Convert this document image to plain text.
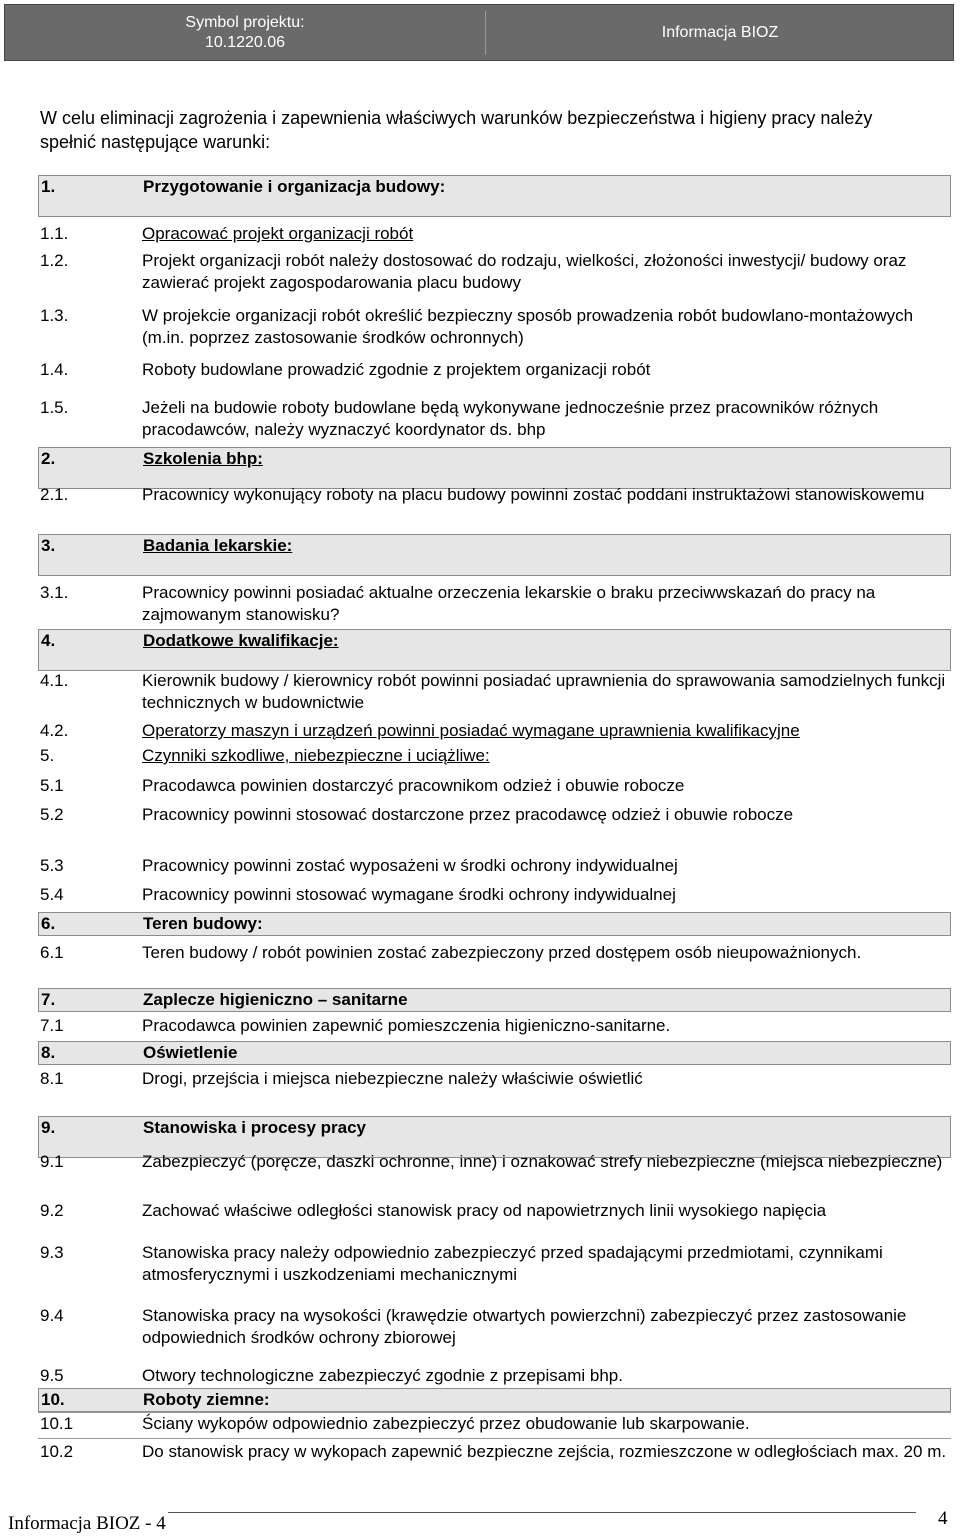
Symbol projektu:
10.1220.06
Informacja BIOZ
W celu eliminacji zagrożenia i zapewnienia właściwych warunków bezpieczeństwa i higieny pracy należy spełnić następujące warunki:
1.	Przygotowanie i organizacja budowy:
1.1.	Opracować projekt organizacji robót
1.2.	Projekt organizacji robót należy dostosować do rodzaju, wielkości, złożoności inwestycji/ budowy oraz zawierać projekt zagospodarowania placu budowy
1.3.	W projekcie organizacji robót określić bezpieczny sposób prowadzenia robót budowlano-montażowych (m.in. poprzez zastosowanie środków ochronnych)
1.4.	Roboty budowlane prowadzić zgodnie z projektem organizacji robót
1.5.	Jeżeli na budowie roboty budowlane będą wykonywane jednocześnie przez pracowników różnych pracodawców, należy wyznaczyć koordynator ds. bhp
2.	Szkolenia bhp:
2.1.	Pracownicy wykonujący roboty na placu budowy powinni zostać poddani instruktażowi stanowiskowemu
3.	Badania lekarskie:
3.1.	Pracownicy powinni posiadać aktualne orzeczenia lekarskie o braku przeciwwskazań do pracy na zajmowanym stanowisku?
4.	Dodatkowe kwalifikacje:
4.1.	Kierownik budowy / kierownicy robót powinni posiadać uprawnienia do sprawowania samodzielnych funkcji technicznych w budownictwie
4.2.	Operatorzy maszyn i urządzeń powinni posiadać wymagane uprawnienia kwalifikacyjne
5.	Czynniki szkodliwe, niebezpieczne i uciążliwe:
5.1	Pracodawca powinien dostarczyć pracownikom odzież i obuwie robocze
5.2	Pracownicy powinni stosować dostarczone przez pracodawcę odzież i obuwie robocze
5.3	Pracownicy powinni zostać wyposażeni w środki ochrony indywidualnej
5.4	Pracownicy powinni stosować wymagane środki ochrony indywidualnej
6.	Teren budowy:
6.1	Teren budowy / robót powinien zostać zabezpieczony przed dostępem osób nieupoważnionych.
7.	Zaplecze higieniczno – sanitarne
7.1	Pracodawca powinien zapewnić pomieszczenia higieniczno-sanitarne.
8.	Oświetlenie
8.1	Drogi, przejścia i miejsca niebezpieczne należy właściwie oświetlić
9.	Stanowiska i procesy pracy
9.1	Zabezpieczyć (poręcze, daszki ochronne, inne) i oznakować strefy niebezpieczne (miejsca niebezpieczne)
9.2	Zachować właściwe odległości stanowisk pracy od napowietrznych linii wysokiego napięcia
9.3	Stanowiska pracy należy odpowiednio zabezpieczyć przed spadającymi przedmiotami, czynnikami atmosferycznymi i uszkodzeniami mechanicznymi
9.4	Stanowiska pracy na wysokości (krawędzie otwartych powierzchni) zabezpieczyć przez zastosowanie odpowiednich środków ochrony zbiorowej
9.5	Otwory technologiczne zabezpieczyć zgodnie z przepisami bhp.
10.	Roboty ziemne:
10.1	Ściany wykopów odpowiednio zabezpieczyć przez obudowanie lub skarpowanie.
10.2	Do stanowisk pracy w wykopach zapewnić bezpieczne zejścia, rozmieszczone w odległościach max. 20 m.
Informacja BIOZ - 4	4
